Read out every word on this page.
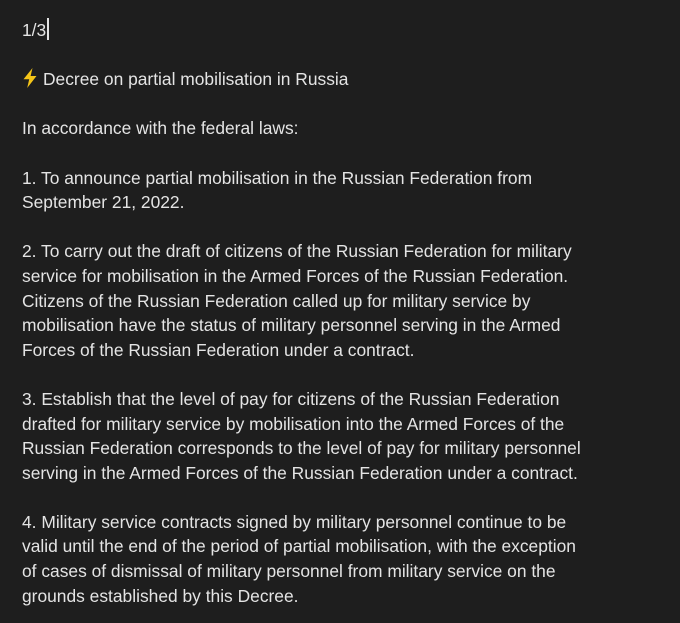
1/3
Decree on partial mobilisation in Russia
In accordance with the federal laws:
1. To announce partial mobilisation in the Russian Federation from
September 21, 2022.
2. To carry out the draft of citizens of the Russian Federation for military
service for mobilisation in the Armed Forces of the Russian Federation.
Citizens of the Russian Federation called up for military service by
mobilisation have the status of military personnel serving in the Armed
Forces of the Russian Federation under a contract.
3. Establish that the level of pay for citizens of the Russian Federation
drafted for military service by mobilisation into the Armed Forces of the
Russian Federation corresponds to the level of pay for military personnel
serving in the Armed Forces of the Russian Federation under a contract.
4. Military service contracts signed by military personnel continue to be
valid until the end of the period of partial mobilisation, with the exception
of cases of dismissal of military personnel from military service on the
grounds established by this Decree.
